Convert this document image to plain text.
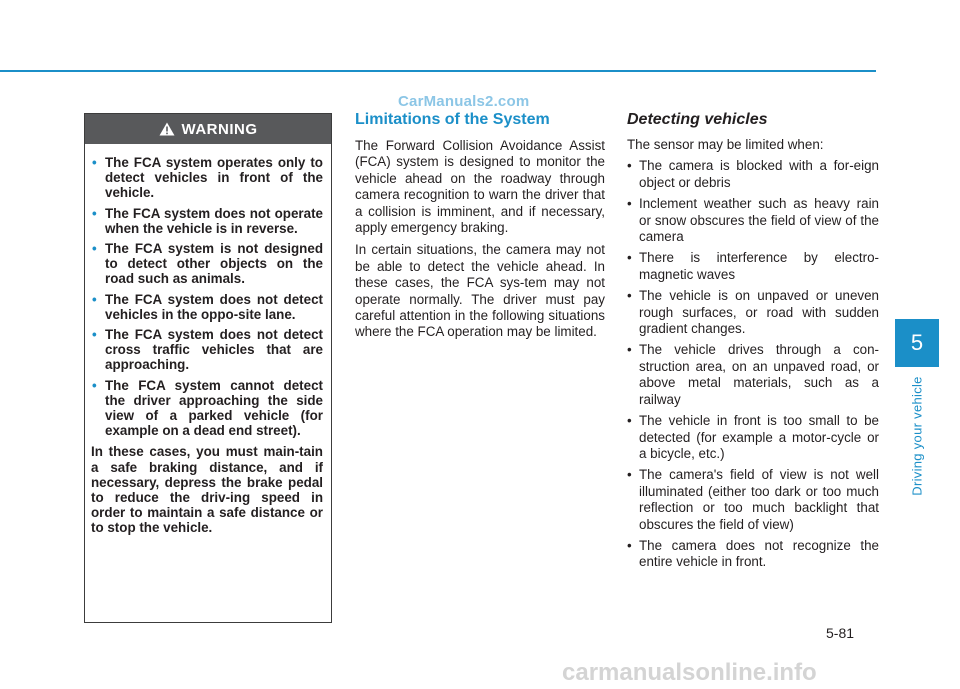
CarManuals2.com
WARNING
• The FCA system operates only to detect vehicles in front of the vehicle.
• The FCA system does not operate when the vehicle is in reverse.
• The FCA system is not designed to detect other objects on the road such as animals.
• The FCA system does not detect vehicles in the oppo-site lane.
• The FCA system does not detect cross traffic vehicles that are approaching.
• The FCA system cannot detect the driver approaching the side view of a parked vehicle (for example on a dead end street).
In these cases, you must main-tain a safe braking distance, and if necessary, depress the brake pedal to reduce the driv-ing speed in order to maintain a safe distance or to stop the vehicle.
Limitations of the System

The Forward Collision Avoidance Assist (FCA) system is designed to monitor the vehicle ahead on the roadway through camera recognition to warn the driver that a collision is imminent, and if necessary, apply emergency braking.

In certain situations, the camera may not be able to detect the vehicle ahead. In these cases, the FCA sys-tem may not operate normally. The driver must pay careful attention in the following situations where the FCA operation may be limited.

Detecting vehicles

The sensor may be limited when:

• The camera is blocked with a for-eign object or debris
• Inclement weather such as heavy rain or snow obscures the field of view of the camera
• There is interference by electro-magnetic waves
• The vehicle is on unpaved or uneven rough surfaces, or road with sudden gradient changes.
• The vehicle drives through a con-struction area, on an unpaved road, or above metal materials, such as a railway
• The vehicle in front is too small to be detected (for example a motor-cycle or a bicycle, etc.)
• The camera's field of view is not well illuminated (either too dark or too much reflection or too much backlight that obscures the field of view)
• The camera does not recognize the entire vehicle in front.
5
Driving your vehicle
5-81
carmanualsonline.info
